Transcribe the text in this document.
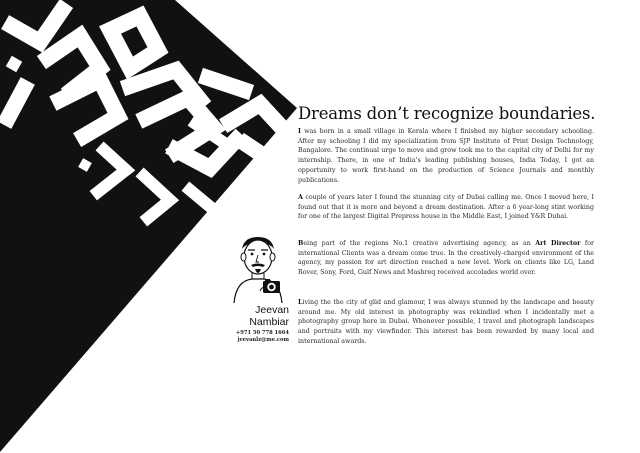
Dreams don’t recognize boundaries.

I was born in a small village in Kerala where I finished my higher secondary schooling. After my schooling I did my specialization from SJP Institute of Print Design Technology, Bangalore. The continual urge to move and grow took me to the capital city of Delhi for my internship. There, in one of India’s leading publishing houses, India Today, I got an opportunity to work first-hand on the production of Science Journals and monthly publications.

A couple of years later I found the stunning city of Dubai calling me. Once I moved here, I found out that it is more and beyond a dream destination. After a 6 year-long stint working for one of the largest Digital Prepress house in the Middle East, I joined Y&R Dubai.

Being part of the regions No.1 creative advertising agency, as an Art Director for international Clients was a dream come true. In the creatively-charged environment of the agency, my passion for art direction reached a new level. Work on clients like LG, Land Rover, Sony, Ford, Gulf News and Mashreq received accolades world over.

Living the the city of glid and glamour, I was always stunned by the landscape and beauty around me. My old interest in photography was rekindled when I incidentally met a photography group here in Dubai. Whenever possible, I travel and photograph landscapes and portraits with my viewfinder. This interest has been rewarded by many local and international awards.

Jeevan
Nambiar
+971 50 778 1664
jeevanlz@me.com
